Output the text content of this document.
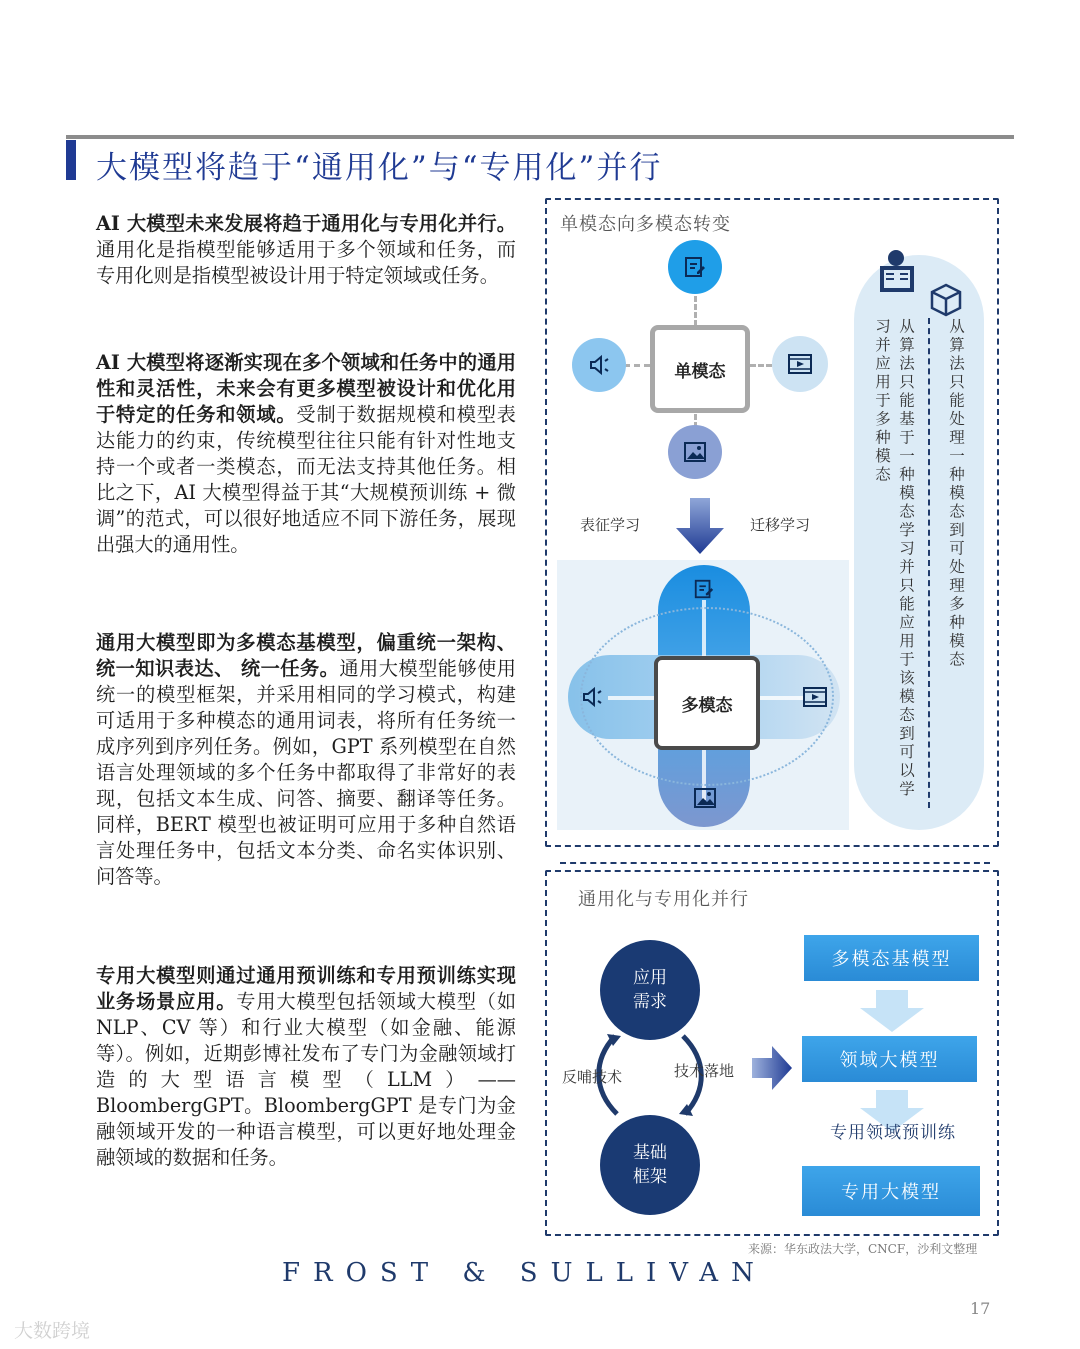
大模型将趋于“通用化”与“专用化”并行
AI 大模型未来发展将趋于通用化与专用化并行。通用化是指模型能够适用于多个领域和任务，而专用化则是指模型被设计用于特定领域或任务。
AI 大模型将逐渐实现在多个领域和任务中的通用性和灵活性，未来会有更多模型被设计和优化用于特定的任务和领域。受制于数据规模和模型表达能力的约束，传统模型往往只能有针对性地支持一个或者一类模态，而无法支持其他任务。相比之下，AI 大模型得益于其“大规模预训练 + 微调”的范式，可以很好地适应不同下游任务，展现出强大的通用性。
通用大模型即为多模态基模型，偏重统一架构、 统一知识表达、 统一任务。通用大模型能够使用统一的模型框架，并采用相同的学习模式，构建可适用于多种模态的通用词表，将所有任务统一成序列到序列任务。例如，GPT 系列模型在自然语言处理领域的多个任务中都取得了非常好的表现，包括文本生成、问答、摘要、翻译等任务。同样，BERT 模型也被证明可应用于多种自然语言处理任务中，包括文本分类、命名实体识别、问答等。
专用大模型则通过通用预训练和专用预训练实现业务场景应用。专用大模型包括领域大模型（如 NLP、CV 等）和行业大模型（如金融、能源等）。例如，近期彭博社发布了专门为金融领域打造的大型语言模型（LLM）——BloombergGPT。BloombergGPT 是专门为金融领域开发的一种语言模型，可以更好地处理金融领域的数据和任务。
单模态向多模态转变
单模态
表征学习	迁移学习
多模态
从算法只能处理一种模态到可处理多种模态
从算法只能基于一种模态学习并只能应用于该模态到可以学习并应用于多种模态
通用化与专用化并行
应用
需求
基础
框架
反哺技术	技术落地
多模态基模型
领域大模型
专用领域预训练
专用大模型
来源：华东政法大学，CNCF，沙利文整理
FROST & SULLIVAN
17
大数跨境
